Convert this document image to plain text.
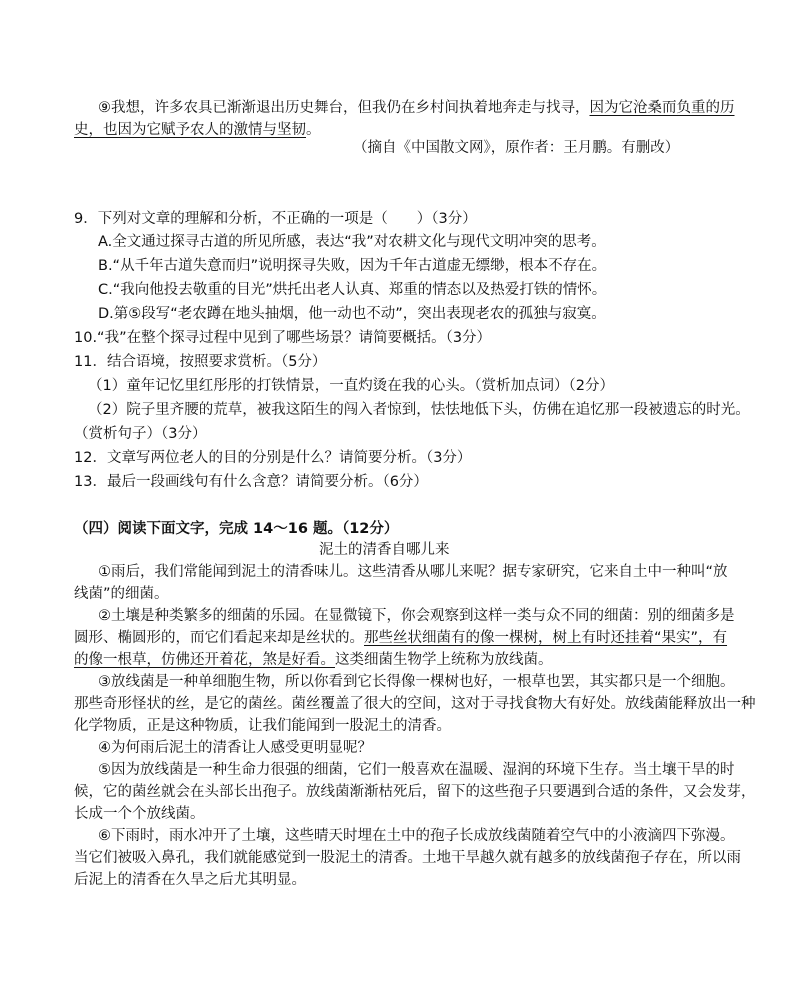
⑨我想，许多农具已渐渐退出历史舞台，但我仍在乡村间执着地奔走与找寻，因为它沧桑而负重的历
史，也因为它赋予农人的激情与坚韧。
（摘自《中国散文网》，原作者：王月鹏。有删改）
9．下列对文章的理解和分析，不正确的一项是（　　）（3分）
A.全文通过探寻古道的所见所感，表达“我”对农耕文化与现代文明冲突的思考。
B.“从千年古道失意而归”说明探寻失败，因为千年古道虚无缥缈，根本不存在。
C.“我向他投去敬重的目光”烘托出老人认真、郑重的情态以及热爱打铁的情怀。
D.第⑤段写“老农蹲在地头抽烟，他一动也不动”，突出表现老农的孤独与寂寞。
10.“我”在整个探寻过程中见到了哪些场景？请简要概括。（3分）
11．结合语境，按照要求赏析。（5分）
（1）童年记忆里红彤彤的打铁情景，一直灼烫在我的心头。（赏析加点词）（2分）
（2）院子里齐腰的荒草，被我这陌生的闯入者惊到，怯怯地低下头，仿佛在追忆那一段被遗忘的时光。
（赏析句子）（3分）
12．文章写两位老人的目的分别是什么？请简要分析。（3分）
13．最后一段画线句有什么含意？请简要分析。（6分）
（四）阅读下面文字，完成 14～16 题。（12分）
泥土的清香自哪儿来
①雨后，我们常能闻到泥土的清香味儿。这些清香从哪儿来呢？据专家研究，它来自土中一种叫“放
线菌”的细菌。
②土壤是种类繁多的细菌的乐园。在显微镜下，你会观察到这样一类与众不同的细菌：别的细菌多是
圆形、椭圆形的，而它们看起来却是丝状的。那些丝状细菌有的像一棵树，树上有时还挂着“果实”，有
的像一根草，仿佛还开着花，煞是好看。这类细菌生物学上统称为放线菌。
③放线菌是一种单细胞生物，所以你看到它长得像一棵树也好，一根草也罢，其实都只是一个细胞。
那些奇形怪状的丝，是它的菌丝。菌丝覆盖了很大的空间，这对于寻找食物大有好处。放线菌能释放出一种
化学物质，正是这种物质，让我们能闻到一股泥土的清香。
④为何雨后泥土的清香让人感受更明显呢？
⑤因为放线菌是一种生命力很强的细菌，它们一般喜欢在温暖、湿润的环境下生存。当土壤干旱的时
候，它的菌丝就会在头部长出孢子。放线菌渐渐枯死后，留下的这些孢子只要遇到合适的条件，又会发芽，
长成一个个放线菌。
⑥下雨时，雨水冲开了土壤，这些晴天时埋在土中的孢子长成放线菌随着空气中的小液滴四下弥漫。
当它们被吸入鼻孔，我们就能感觉到一股泥土的清香。土地干旱越久就有越多的放线菌孢子存在，所以雨
后泥上的清香在久旱之后尤其明显。
